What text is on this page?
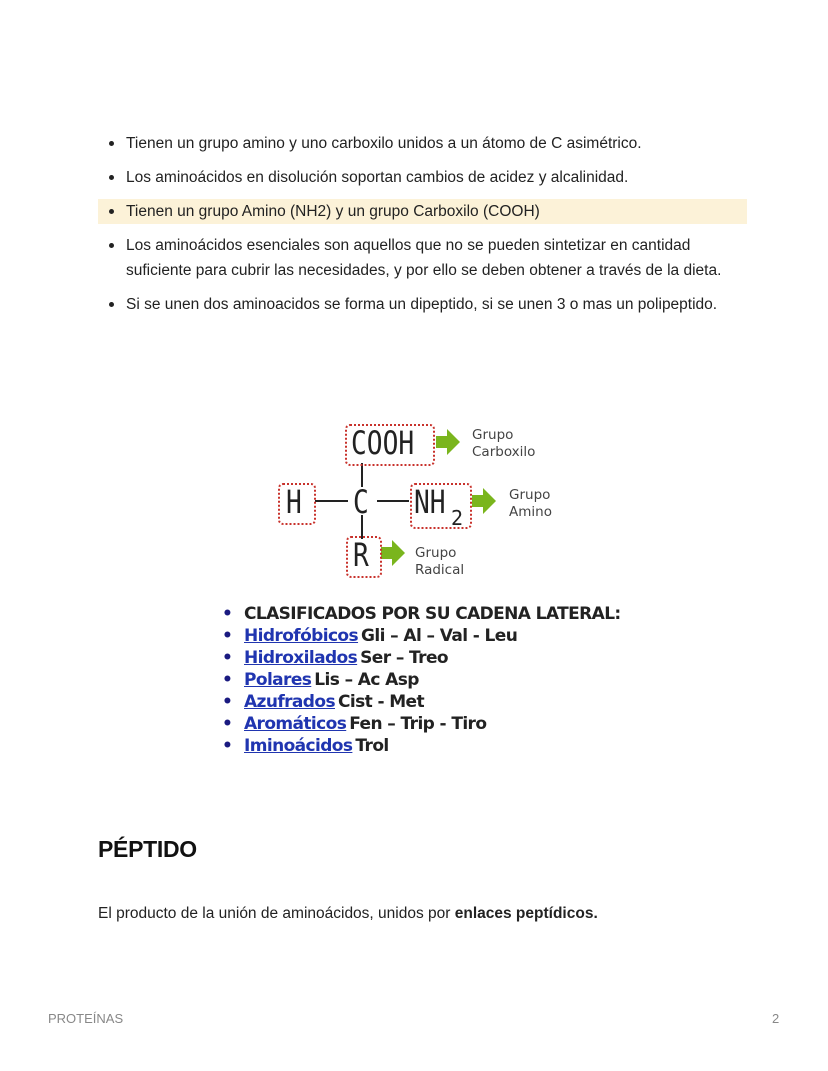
Tienen un grupo amino y uno carboxilo unidos a un átomo de C asimétrico.
Los aminoácidos en disolución soportan cambios de acidez y alcalinidad.
Tienen un grupo Amino (NH2) y un grupo Carboxilo (COOH)
Los aminoácidos esenciales son aquellos que no se pueden sintetizar en cantidad suficiente para cubrir las necesidades, y por ello se deben obtener a través de la dieta.
Si se unen dos aminoacidos se forma un dipeptido, si se unen 3 o mas un polipeptido.
COOH
H C NH 2
R
Grupo
Carboxilo
Grupo
Amino
Grupo
Radical
• CLASIFICADOS POR SU CADENA LATERAL:
• Hidrofóbicos Gli – Al – Val - Leu
• Hidroxilados Ser – Treo
• Polares Lis – Ac Asp
• Azufrados Cist - Met
• Aromáticos Fen – Trip - Tiro
• Iminoácidos Trol
PÉPTIDO

El producto de la unión de aminoácidos, unidos por enlaces peptídicos.

PROTEÍNAS	2
